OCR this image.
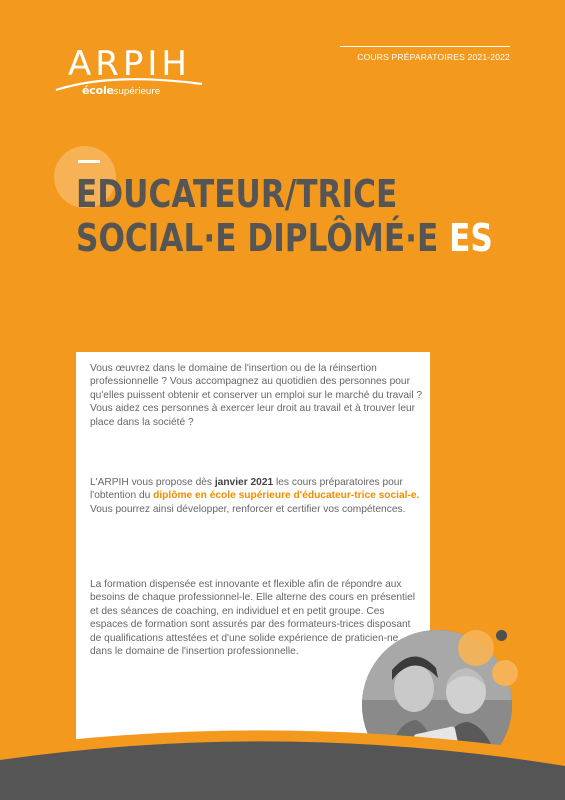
ARPIH
écolesupérieure
COURS PRÉPARATOIRES 2021-2022
EDUCATEUR/TRICE
SOCIAL·E DIPLÔMÉ·E ES
Vous œuvrez dans le domaine de l'insertion ou de la réinsertion professionnelle ? Vous accompagnez au quotidien des personnes pour qu'elles puissent obtenir et conserver un emploi sur le marché du travail ? Vous aidez ces personnes à exercer leur droit au travail et à trouver leur place dans la société ?
L'ARPIH vous propose dès janvier 2021 les cours préparatoires pour l'obtention du diplôme en école supérieure d'éducateur-trice social-e. Vous pourrez ainsi développer, renforcer et certifier vos compétences.
La formation dispensée est innovante et flexible afin de répondre aux besoins de chaque professionnel-le. Elle alterne des cours en présentiel et des séances de coaching, en individuel et en petit groupe. Ces espaces de formation sont assurés par des formateurs-trices disposant de qualifications attestées et d'une solide expérience de praticien-ne dans le domaine de l'insertion professionnelle.
